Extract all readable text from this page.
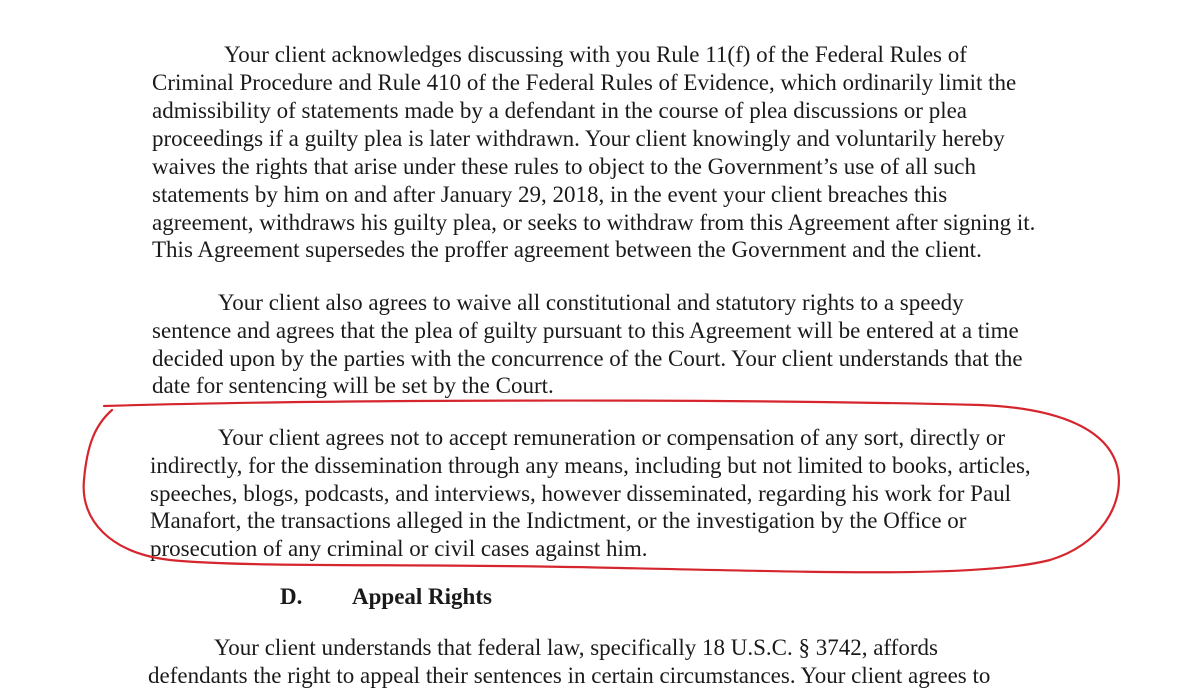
Your client acknowledges discussing with you Rule 11(f) of the Federal Rules of
Criminal Procedure and Rule 410 of the Federal Rules of Evidence, which ordinarily limit the
admissibility of statements made by a defendant in the course of plea discussions or plea
proceedings if a guilty plea is later withdrawn. Your client knowingly and voluntarily hereby
waives the rights that arise under these rules to object to the Government’s use of all such
statements by him on and after January 29, 2018, in the event your client breaches this
agreement, withdraws his guilty plea, or seeks to withdraw from this Agreement after signing it.
This Agreement supersedes the proffer agreement between the Government and the client.
Your client also agrees to waive all constitutional and statutory rights to a speedy
sentence and agrees that the plea of guilty pursuant to this Agreement will be entered at a time
decided upon by the parties with the concurrence of the Court. Your client understands that the
date for sentencing will be set by the Court.
Your client agrees not to accept remuneration or compensation of any sort, directly or
indirectly, for the dissemination through any means, including but not limited to books, articles,
speeches, blogs, podcasts, and interviews, however disseminated, regarding his work for Paul
Manafort, the transactions alleged in the Indictment, or the investigation by the Office or
prosecution of any criminal or civil cases against him.
D. Appeal Rights
Your client understands that federal law, specifically 18 U.S.C. § 3742, affords
defendants the right to appeal their sentences in certain circumstances. Your client agrees to
